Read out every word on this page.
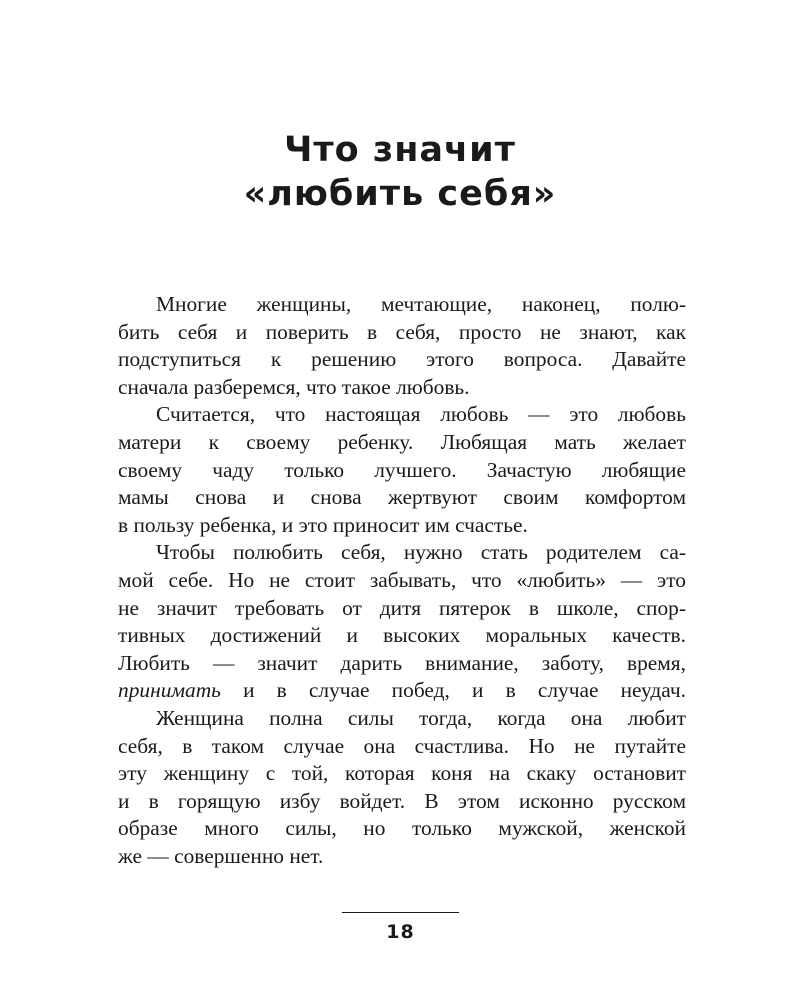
Что значит
«любить себя»
Многие женщины, мечтающие, наконец, полю-
бить себя и поверить в себя, просто не знают, как
подступиться к решению этого вопроса. Давайте
сначала разберемся, что такое любовь.
Считается, что настоящая любовь — это любовь
матери к своему ребенку. Любящая мать желает
своему чаду только лучшего. Зачастую любящие
мамы снова и снова жертвуют своим комфортом
в пользу ребенка, и это приносит им счастье.
Чтобы полюбить себя, нужно стать родителем са-
мой себе. Но не стоит забывать, что «любить» — это
не значит требовать от дитя пятерок в школе, спор-
тивных достижений и высоких моральных качеств.
Любить — значит дарить внимание, заботу, время,
принимать и в случае побед, и в случае неудач.
Женщина полна силы тогда, когда она любит
себя, в таком случае она счастлива. Но не путайте
эту женщину с той, которая коня на скаку остановит
и в горящую избу войдет. В этом исконно русском
образе много силы, но только мужской, женской
же — совершенно нет.
18
